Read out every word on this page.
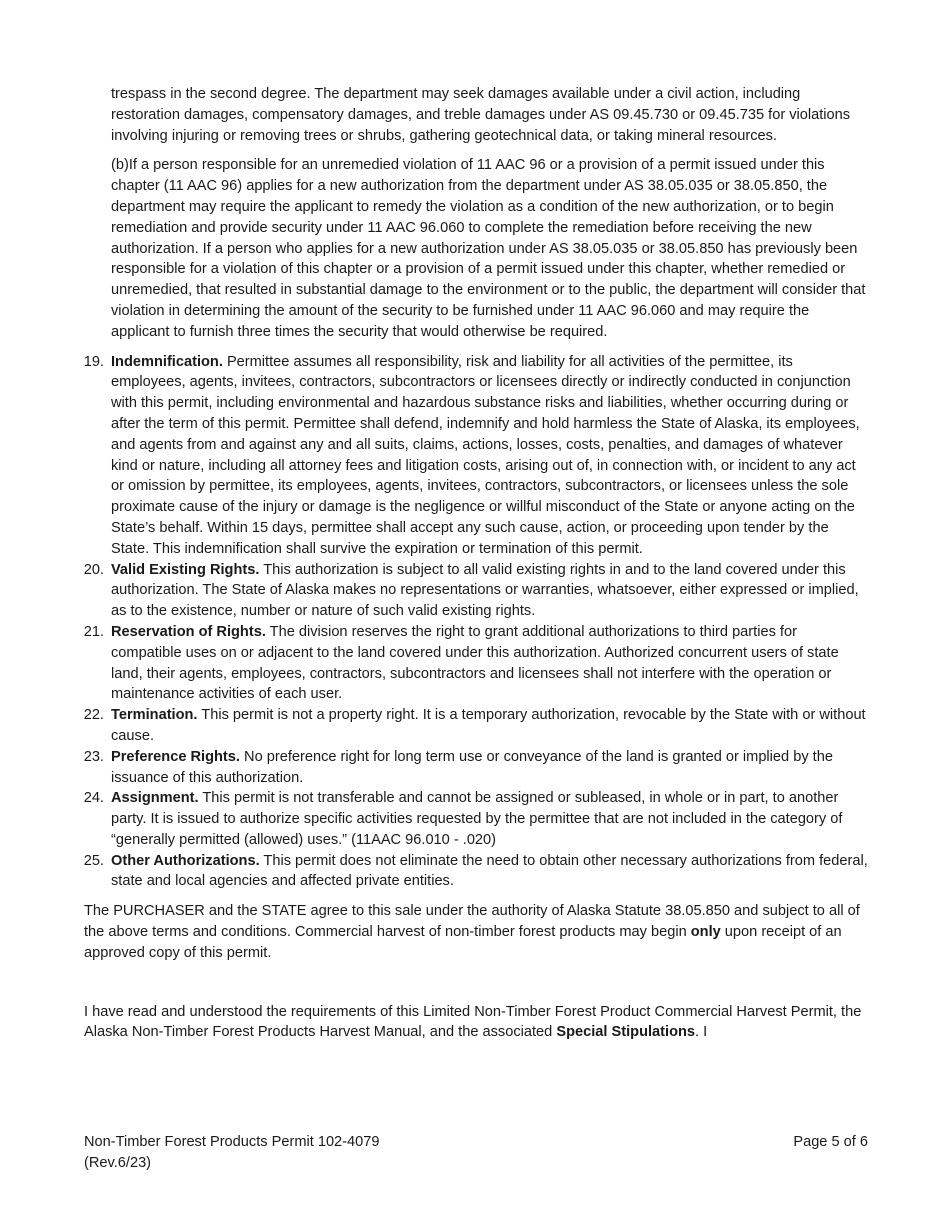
trespass in the second degree. The department may seek damages available under a civil action, including restoration damages, compensatory damages, and treble damages under AS 09.45.730 or 09.45.735 for violations involving injuring or removing trees or shrubs, gathering geotechnical data, or taking mineral resources.

(b)If a person responsible for an unremedied violation of 11 AAC 96 or a provision of a permit issued under this chapter (11 AAC 96) applies for a new authorization from the department under AS 38.05.035 or 38.05.850, the department may require the applicant to remedy the violation as a condition of the new authorization, or to begin remediation and provide security under 11 AAC 96.060 to complete the remediation before receiving the new authorization. If a person who applies for a new authorization under AS 38.05.035 or 38.05.850 has previously been responsible for a violation of this chapter or a provision of a permit issued under this chapter, whether remedied or unremedied, that resulted in substantial damage to the environment or to the public, the department will consider that violation in determining the amount of the security to be furnished under 11 AAC 96.060 and may require the applicant to furnish three times the security that would otherwise be required.

19. Indemnification. Permittee assumes all responsibility, risk and liability for all activities of the permittee, its employees, agents, invitees, contractors, subcontractors or licensees directly or indirectly conducted in conjunction with this permit, including environmental and hazardous substance risks and liabilities, whether occurring during or after the term of this permit. Permittee shall defend, indemnify and hold harmless the State of Alaska, its employees, and agents from and against any and all suits, claims, actions, losses, costs, penalties, and damages of whatever kind or nature, including all attorney fees and litigation costs, arising out of, in connection with, or incident to any act or omission by permittee, its employees, agents, invitees, contractors, subcontractors, or licensees unless the sole proximate cause of the injury or damage is the negligence or willful misconduct of the State or anyone acting on the State’s behalf. Within 15 days, permittee shall accept any such cause, action, or proceeding upon tender by the State. This indemnification shall survive the expiration or termination of this permit.
20. Valid Existing Rights. This authorization is subject to all valid existing rights in and to the land covered under this authorization. The State of Alaska makes no representations or warranties, whatsoever, either expressed or implied, as to the existence, number or nature of such valid existing rights.
21. Reservation of Rights. The division reserves the right to grant additional authorizations to third parties for compatible uses on or adjacent to the land covered under this authorization. Authorized concurrent users of state land, their agents, employees, contractors, subcontractors and licensees shall not interfere with the operation or maintenance activities of each user.
22. Termination. This permit is not a property right. It is a temporary authorization, revocable by the State with or without cause.
23. Preference Rights. No preference right for long term use or conveyance of the land is granted or implied by the issuance of this authorization.
24. Assignment. This permit is not transferable and cannot be assigned or subleased, in whole or in part, to another party. It is issued to authorize specific activities requested by the permittee that are not included in the category of “generally permitted (allowed) uses.” (11AAC 96.010 - .020)
25. Other Authorizations. This permit does not eliminate the need to obtain other necessary authorizations from federal, state and local agencies and affected private entities.

The PURCHASER and the STATE agree to this sale under the authority of Alaska Statute 38.05.850 and subject to all of the above terms and conditions. Commercial harvest of non-timber forest products may begin only upon receipt of an approved copy of this permit.

I have read and understood the requirements of this Limited Non-Timber Forest Product Commercial Harvest Permit, the Alaska Non-Timber Forest Products Harvest Manual, and the associated Special Stipulations. I

Non-Timber Forest Products Permit 102-4079
(Rev.6/23)
Page 5 of 6
